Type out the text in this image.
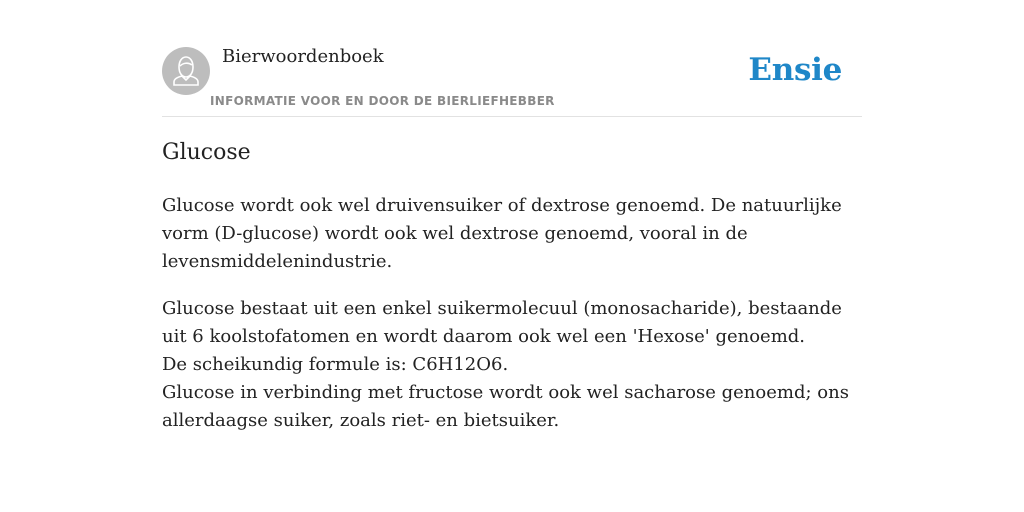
Bierwoordenboek
INFORMATIE VOOR EN DOOR DE BIERLIEFHEBBER
Ensie
Glucose

Glucose wordt ook wel druivensuiker of dextrose genoemd. De natuurlijke vorm (D-glucose) wordt ook wel dextrose genoemd, vooral in de levensmiddelenindustrie.

Glucose bestaat uit een enkel suikermolecuul (monosacharide), bestaande uit 6 koolstofatomen en wordt daarom ook wel een 'Hexose' genoemd.
De scheikundig formule is: C6H12O6.
Glucose in verbinding met fructose wordt ook wel sacharose genoemd; ons allerdaagse suiker, zoals riet- en bietsuiker.
